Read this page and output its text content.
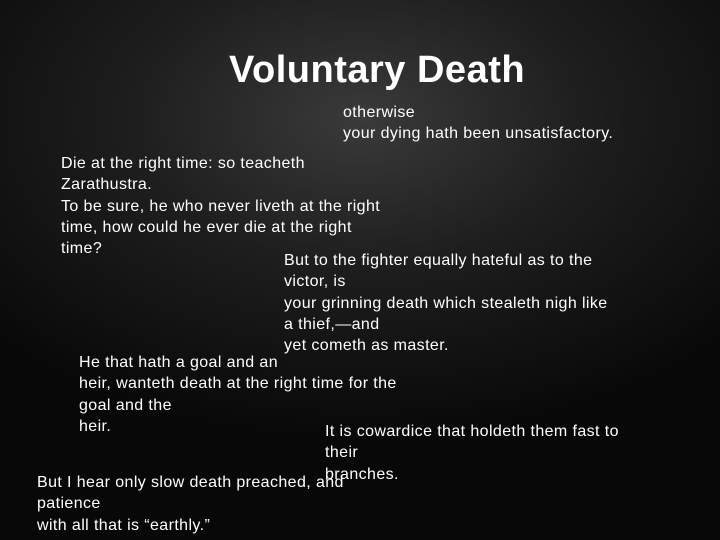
Voluntary Death
otherwise
your dying hath been unsatisfactory.
Die at the right time: so teacheth
Zarathustra.
To be sure, he who never liveth at the right
time, how could he ever die at the right
time?
But to the fighter equally hateful as to the
victor, is
your grinning death which stealeth nigh like
a thief,—and
yet cometh as master.
He that hath a goal and an
heir, wanteth death at the right time for the
goal and the
heir.	It is cowardice that holdeth them fast to
their
branches.
But I hear only slow death preached, and
patience
with all that is “earthly.”
